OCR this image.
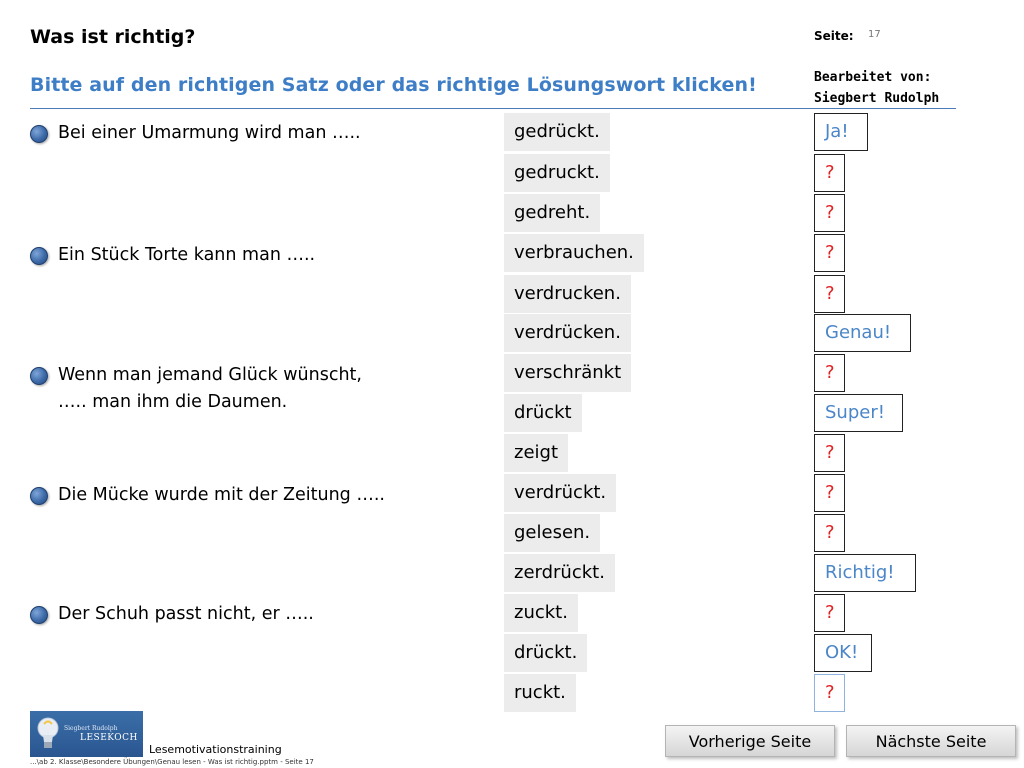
Was ist richtig?
Bitte auf den richtigen Satz oder das richtige Lösungswort klicken!
Seite: 17
Bearbeitet von:
Siegbert Rudolph
Bei einer Umarmung wird man …..
Ein Stück Torte kann man …..
Wenn man jemand Glück wünscht,
….. man ihm die Daumen.
Die Mücke wurde mit der Zeitung …..
Der Schuh passt nicht, er …..
gedrückt.
gedruckt.
gedreht.
verbrauchen.
verdrucken.
verdrücken.
verschränkt
drückt
zeigt
verdrückt.
gelesen.
zerdrückt.
zuckt.
drückt.
ruckt.
Ja!
?
?
?
?
Genau!
?
Super!
?
?
?
Richtig!
?
OK!
?
Siegbert Rudolph
LESEKOCH
Lesemotivationstraining
...\ab 2. Klasse\Besondere Übungen\Genau lesen - Was ist richtig.pptm - Seite 17
Vorherige Seite	Nächste Seite
